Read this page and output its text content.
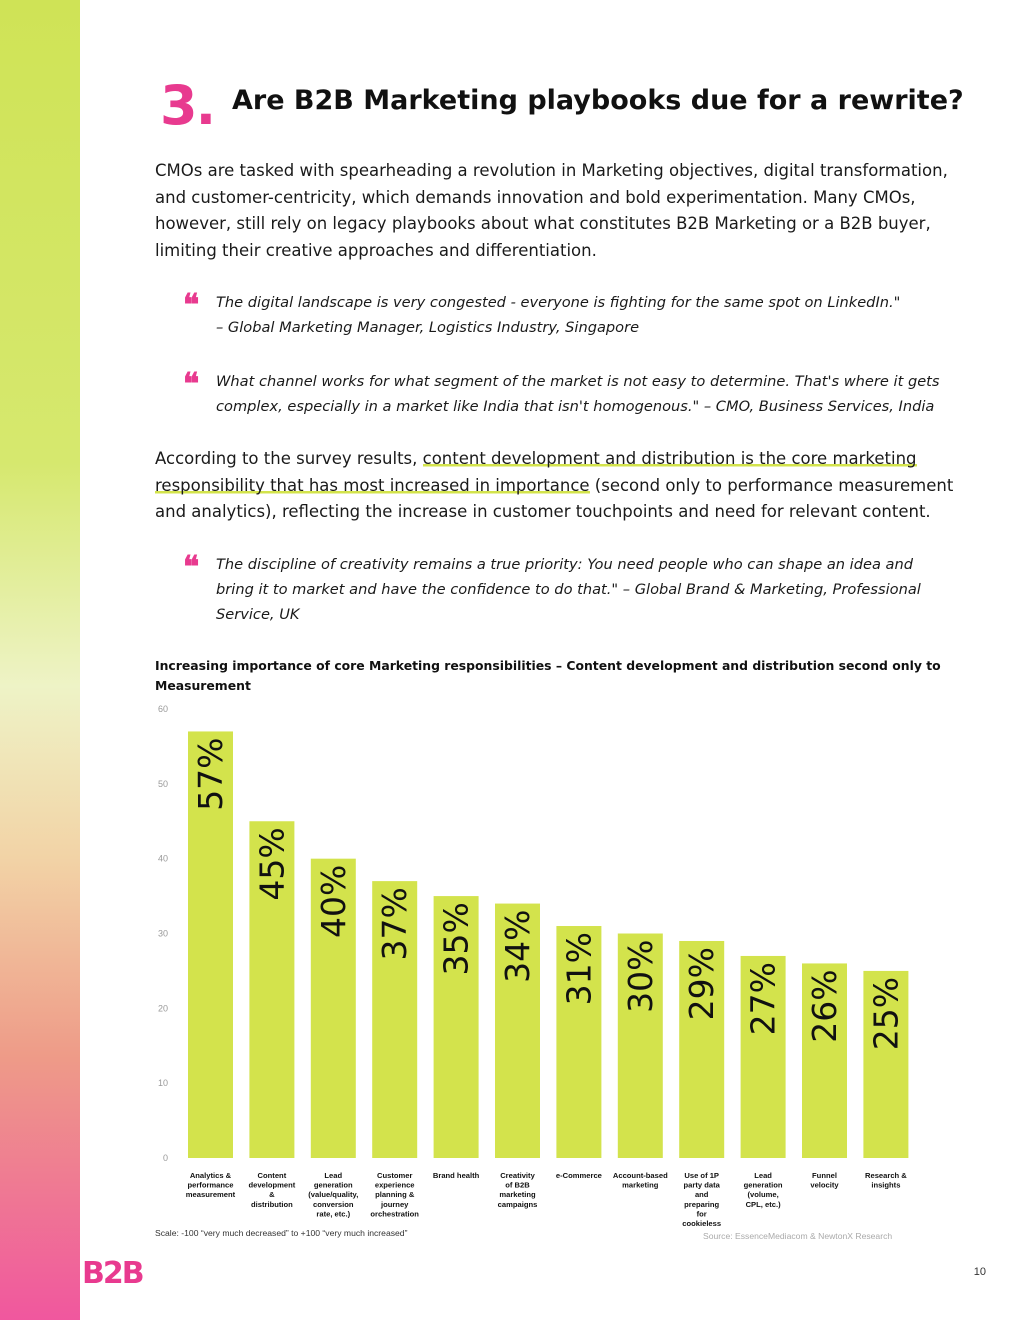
B2B	10
3. Are B2B Marketing playbooks due for a rewrite?

CMOs are tasked with spearheading a revolution in Marketing objectives, digital transformation, and customer-centricity, which demands innovation and bold experimentation. Many CMOs, however, still rely on legacy playbooks about what constitutes B2B Marketing or a B2B buyer, limiting their creative approaches and differentiation.

❛❛ The digital landscape is very congested - everyone is fighting for the same spot on LinkedIn."
– Global Marketing Manager, Logistics Industry, Singapore
❛❛ What channel works for what segment of the market is not easy to determine. That's where it gets complex, especially in a market like India that isn't homogenous." – CMO, Business Services, India

According to the survey results, content development and distribution is the core marketing responsibility that has most increased in importance (second only to performance measurement and analytics), reflecting the increase in customer touchpoints and need for relevant content.

❛❛ The discipline of creativity remains a true priority: You need people who can shape an idea and bring it to market and have the confidence to do that." – Global Brand & Marketing, Professional Service, UK
Increasing importance of core Marketing responsibilities – Content development and distribution second only to Measurement
0
10
20
30
40
50
60
57%
Analytics & performance measurement
45%
Content development & distribution
40%
Lead generation (value/quality, conversion rate, etc.)
37%
Customer experience planning & journey orchestration
35%
Brand health
34%
Creativity of B2B marketing campaigns
31%
e-Commerce
30%
Account-based marketing
29%
Use of 1P party data and preparing for cookieless
27%
Lead generation (volume, CPL, etc.)
26%
Funnel velocity
25%
Research & insights
Scale: -100 “very much decreased” to +100 “very much increased”	Source: EssenceMediacom & NewtonX Research
